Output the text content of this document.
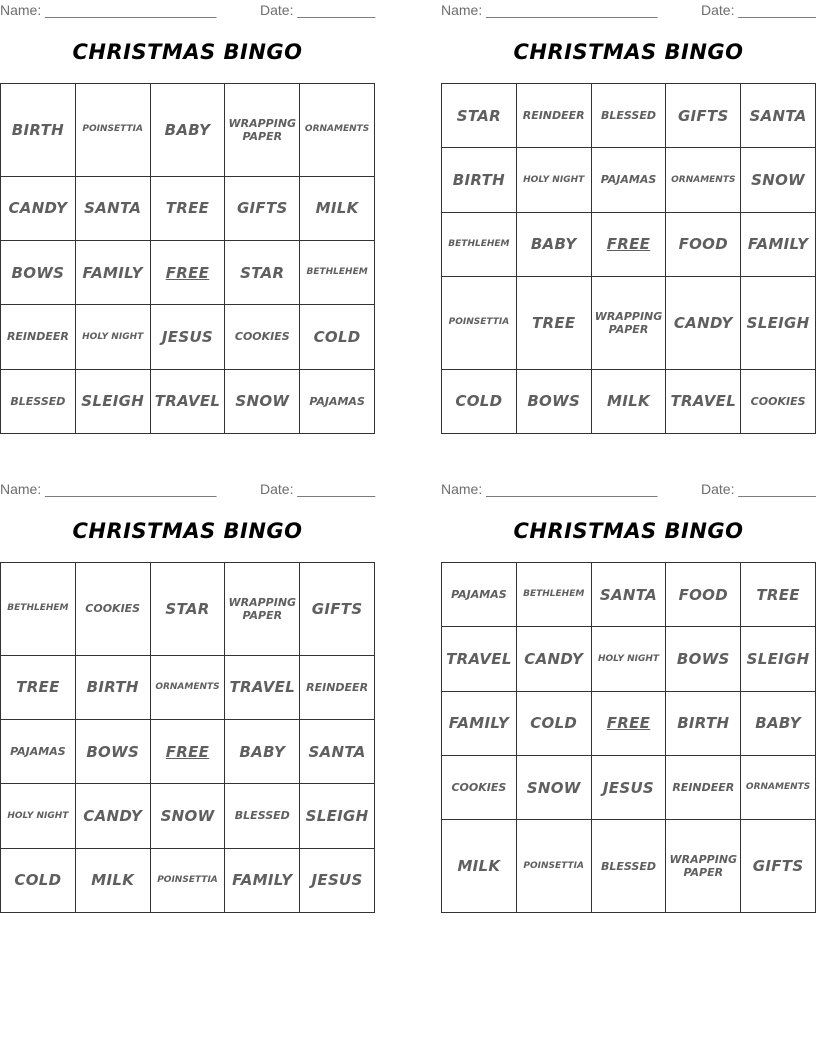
Name: ______________________	Date: __________
CHRISTMAS BINGO
BIRTH	POINSETTIA	BABY	WRAPPING PAPER	ORNAMENTS
CANDY	SANTA	TREE	GIFTS	MILK
BOWS	FAMILY	FREE	STAR	BETHLEHEM
REINDEER	HOLY NIGHT	JESUS	COOKIES	COLD
BLESSED	SLEIGH	TRAVEL	SNOW	PAJAMAS
Name: ______________________	Date: __________
CHRISTMAS BINGO
STAR	REINDEER	BLESSED	GIFTS	SANTA
BIRTH	HOLY NIGHT	PAJAMAS	ORNAMENTS	SNOW
BETHLEHEM	BABY	FREE	FOOD	FAMILY
POINSETTIA	TREE	WRAPPING PAPER	CANDY	SLEIGH
COLD	BOWS	MILK	TRAVEL	COOKIES
Name: ______________________	Date: __________
CHRISTMAS BINGO
BETHLEHEM	COOKIES	STAR	WRAPPING PAPER	GIFTS
TREE	BIRTH	ORNAMENTS	TRAVEL	REINDEER
PAJAMAS	BOWS	FREE	BABY	SANTA
HOLY NIGHT	CANDY	SNOW	BLESSED	SLEIGH
COLD	MILK	POINSETTIA	FAMILY	JESUS
Name: ______________________	Date: __________
CHRISTMAS BINGO
PAJAMAS	BETHLEHEM	SANTA	FOOD	TREE
TRAVEL	CANDY	HOLY NIGHT	BOWS	SLEIGH
FAMILY	COLD	FREE	BIRTH	BABY
COOKIES	SNOW	JESUS	REINDEER	ORNAMENTS
MILK	POINSETTIA	BLESSED	WRAPPING PAPER	GIFTS
